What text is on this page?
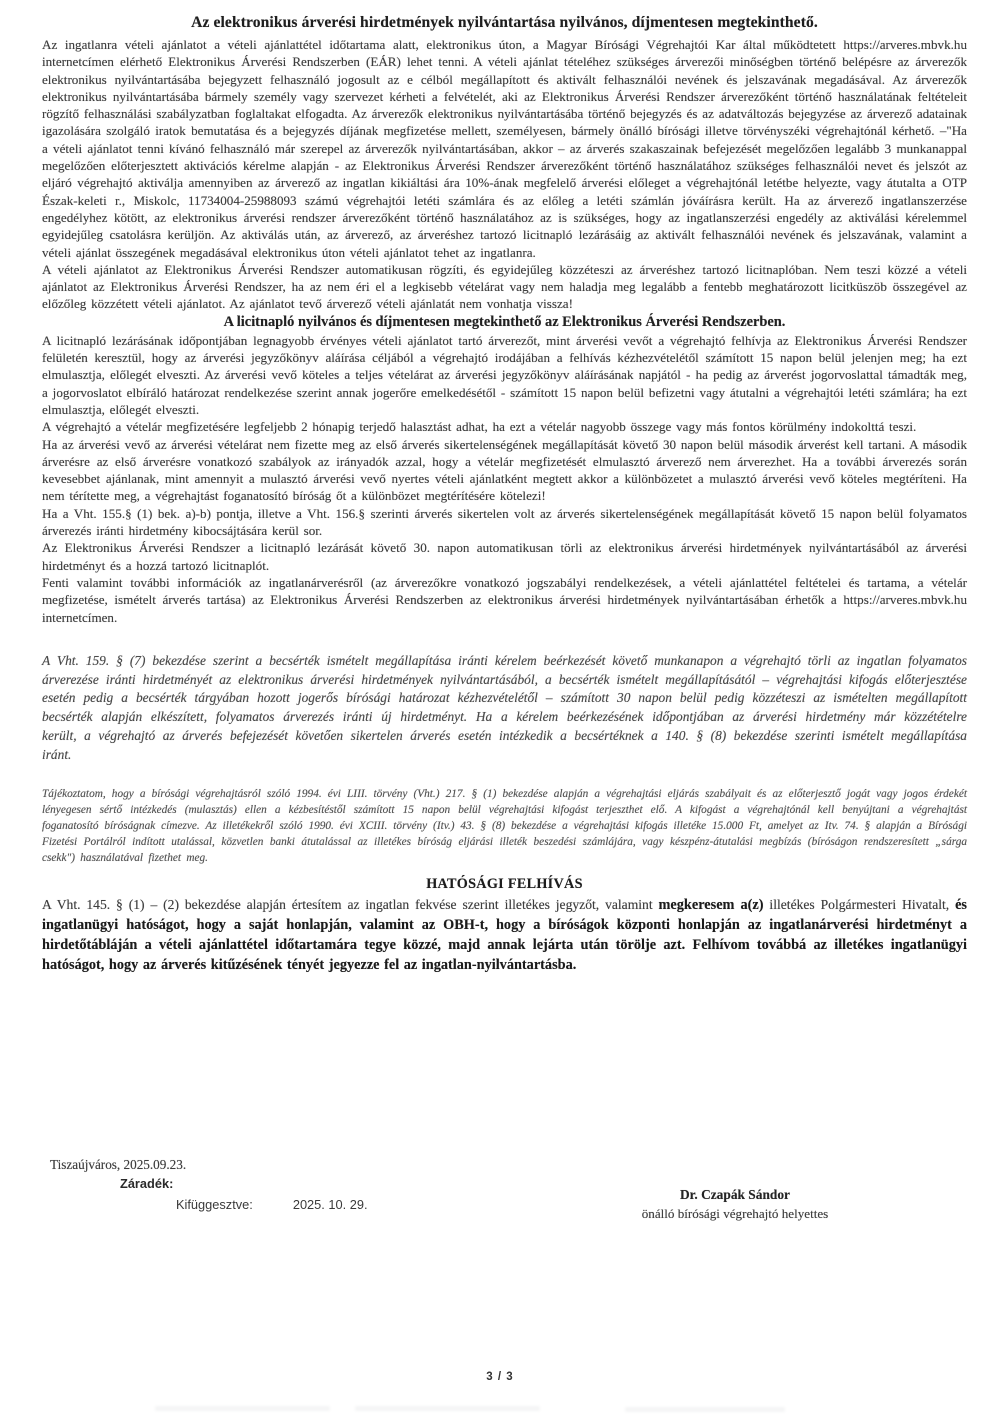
Az elektronikus árverési hirdetmények nyilvántartása nyilvános, díjmentesen megtekinthető.

Az ingatlanra vételi ajánlatot a vételi ajánlattétel időtartama alatt, elektronikus úton, a Magyar Bírósági Végrehajtói Kar által működtetett https://arveres.mbvk.hu internetcímen elérhető Elektronikus Árverési Rendszerben (EÁR) lehet tenni. A vételi ajánlat tételéhez szükséges árverezői minőségben történő belépésre az árverezők elektronikus nyilvántartásába bejegyzett felhasználó jogosult az e célból megállapított és aktivált felhasználói nevének és jelszavának megadásával. Az árverezők elektronikus nyilvántartásába bármely személy vagy szervezet kérheti a felvételét, aki az Elektronikus Árverési Rendszer árverezőként történő használatának feltételeit rögzítő felhasználási szabályzatban foglaltakat elfogadta. Az árverezők elektronikus nyilvántartásába történő bejegyzés és az adatváltozás bejegyzése az árverező adatainak igazolására szolgáló iratok bemutatása és a bejegyzés díjának megfizetése mellett, személyesen, bármely önálló bírósági illetve törvényszéki végrehajtónál kérhető. –"Ha a vételi ajánlatot tenni kívánó felhasználó már szerepel az árverezők nyilvántartásában, akkor – az árverés szakaszainak befejezését megelőzően legalább 3 munkanappal megelőzően előterjesztett aktivációs kérelme alapján - az Elektronikus Árverési Rendszer árverezőként történő használatához szükséges felhasználói nevet és jelszót az eljáró végrehajtó aktiválja amennyiben az árverező az ingatlan kikiáltási ára 10%-ának megfelelő árverési előleget a végrehajtónál letétbe helyezte, vagy átutalta a OTP Észak-keleti r., Miskolc, 11734004-25988093 számú végrehajtói letéti számlára és az előleg a letéti számlán jóváírásra került. Ha az árverező ingatlanszerzése engedélyhez kötött, az elektronikus árverési rendszer árverezőként történő használatához az is szükséges, hogy az ingatlanszerzési engedély az aktiválási kérelemmel egyidejűleg csatolásra kerüljön. Az aktiválás után, az árverező, az árveréshez tartozó licitnapló lezárásáig az aktivált felhasználói nevének és jelszavának, valamint a vételi ajánlat összegének megadásával elektronikus úton vételi ajánlatot tehet az ingatlanra.

A vételi ajánlatot az Elektronikus Árverési Rendszer automatikusan rögzíti, és egyidejűleg közzéteszi az árveréshez tartozó licitnaplóban. Nem teszi közzé a vételi ajánlatot az Elektronikus Árverési Rendszer, ha az nem éri el a legkisebb vételárat vagy nem haladja meg legalább a fentebb meghatározott licitküszöb összegével az előzőleg közzétett vételi ajánlatot. Az ajánlatot tevő árverező vételi ajánlatát nem vonhatja vissza!

A licitnapló nyilvános és díjmentesen megtekinthető az Elektronikus Árverési Rendszerben.

A licitnapló lezárásának időpontjában legnagyobb érvényes vételi ajánlatot tartó árverezőt, mint árverési vevőt a végrehajtó felhívja az Elektronikus Árverési Rendszer felületén keresztül, hogy az árverési jegyzőkönyv aláírása céljából a végrehajtó irodájában a felhívás kézhezvételétől számított 15 napon belül jelenjen meg; ha ezt elmulasztja, előlegét elveszti. Az árverési vevő köteles a teljes vételárat az árverési jegyzőkönyv aláírásának napjától - ha pedig az árverést jogorvoslattal támadták meg, a jogorvoslatot elbíráló határozat rendelkezése szerint annak jogerőre emelkedésétől - számított 15 napon belül befizetni vagy átutalni a végrehajtói letéti számlára; ha ezt elmulasztja, előlegét elveszti.

A végrehajtó a vételár megfizetésére legfeljebb 2 hónapig terjedő halasztást adhat, ha ezt a vételár nagyobb összege vagy más fontos körülmény indokolttá teszi.

Ha az árverési vevő az árverési vételárat nem fizette meg az első árverés sikertelenségének megállapítását követő 30 napon belül második árverést kell tartani. A második árverésre az első árverésre vonatkozó szabályok az irányadók azzal, hogy a vételár megfizetését elmulasztó árverező nem árverezhet. Ha a további árverezés során kevesebbet ajánlanak, mint amennyit a mulasztó árverési vevő nyertes vételi ajánlatként megtett akkor a különbözetet a mulasztó árverési vevő köteles megtéríteni. Ha nem térítette meg, a végrehajtást foganatosító bíróság őt a különbözet megtérítésére kötelezi!

Ha a Vht. 155.§ (1) bek. a)-b) pontja, illetve a Vht. 156.§ szerinti árverés sikertelen volt az árverés sikertelenségének megállapítását követő 15 napon belül folyamatos árverezés iránti hirdetmény kibocsájtására kerül sor.

Az Elektronikus Árverési Rendszer a licitnapló lezárását követő 30. napon automatikusan törli az elektronikus árverési hirdetmények nyilvántartásából az árverési hirdetményt és a hozzá tartozó licitnaplót.

Fenti valamint további információk az ingatlanárverésről (az árverezőkre vonatkozó jogszabályi rendelkezések, a vételi ajánlattétel feltételei és tartama, a vételár megfizetése, ismételt árverés tartása) az Elektronikus Árverési Rendszerben az elektronikus árverési hirdetmények nyilvántartásában érhetők a https://arveres.mbvk.hu internetcímen.

A Vht. 159. § (7) bekezdése szerint a becsérték ismételt megállapítása iránti kérelem beérkezését követő munkanapon a végrehajtó törli az ingatlan folyamatos árverezése iránti hirdetményét az elektronikus árverési hirdetmények nyilvántartásából, a becsérték ismételt megállapításától – végrehajtási kifogás előterjesztése esetén pedig a becsérték tárgyában hozott jogerős bírósági határozat kézhezvételétől – számított 30 napon belül pedig közzéteszi az ismételten megállapított becsérték alapján elkészített, folyamatos árverezés iránti új hirdetményt. Ha a kérelem beérkezésének időpontjában az árverési hirdetmény már közzétételre került, a végrehajtó az árverés befejezését követően sikertelen árverés esetén intézkedik a becsértéknek a 140. § (8) bekezdése szerinti ismételt megállapítása iránt.

Tájékoztatom, hogy a bírósági végrehajtásról szóló 1994. évi LIII. törvény (Vht.) 217. § (1) bekezdése alapján a végrehajtási eljárás szabályait és az előterjesztő jogát vagy jogos érdekét lényegesen sértő intézkedés (mulasztás) ellen a kézbesítéstől számított 15 napon belül végrehajtási kifogást terjeszthet elő. A kifogást a végrehajtónál kell benyújtani a végrehajtást foganatosító bíróságnak címezve. Az illetékekről szóló 1990. évi XCIII. törvény (Itv.) 43. § (8) bekezdése a végrehajtási kifogás illetéke 15.000 Ft, amelyet az Itv. 74. § alapján a Bírósági Fizetési Portálról indított utalással, közvetlen banki átutalással az illetékes bíróság eljárási illeték beszedési számlájára, vagy készpénz-átutalási megbízás (bíróságon rendszeresített „sárga csekk") használatával fizethet meg.

HATÓSÁGI FELHÍVÁS

A Vht. 145. § (1) – (2) bekezdése alapján értesítem az ingatlan fekvése szerint illetékes jegyzőt, valamint megkeresem a(z) illetékes Polgármesteri Hivatalt, és ingatlanügyi hatóságot, hogy a saját honlapján, valamint az OBH-t, hogy a bíróságok központi honlapján az ingatlanárverési hirdetményt a hirdetőtábláján a vételi ajánlattétel időtartamára tegye közzé, majd annak lejárta után törölje azt. Felhívom továbbá az illetékes ingatlanügyi hatóságot, hogy az árverés kitűzésének tényét jegyezze fel az ingatlan-nyilvántartásba.

Tiszaújváros, 2025.09.23.
Záradék:
Kifüggesztve:	2025. 10. 29.
Dr. Czapák Sándor
önálló bírósági végrehajtó helyettes
3 / 3
